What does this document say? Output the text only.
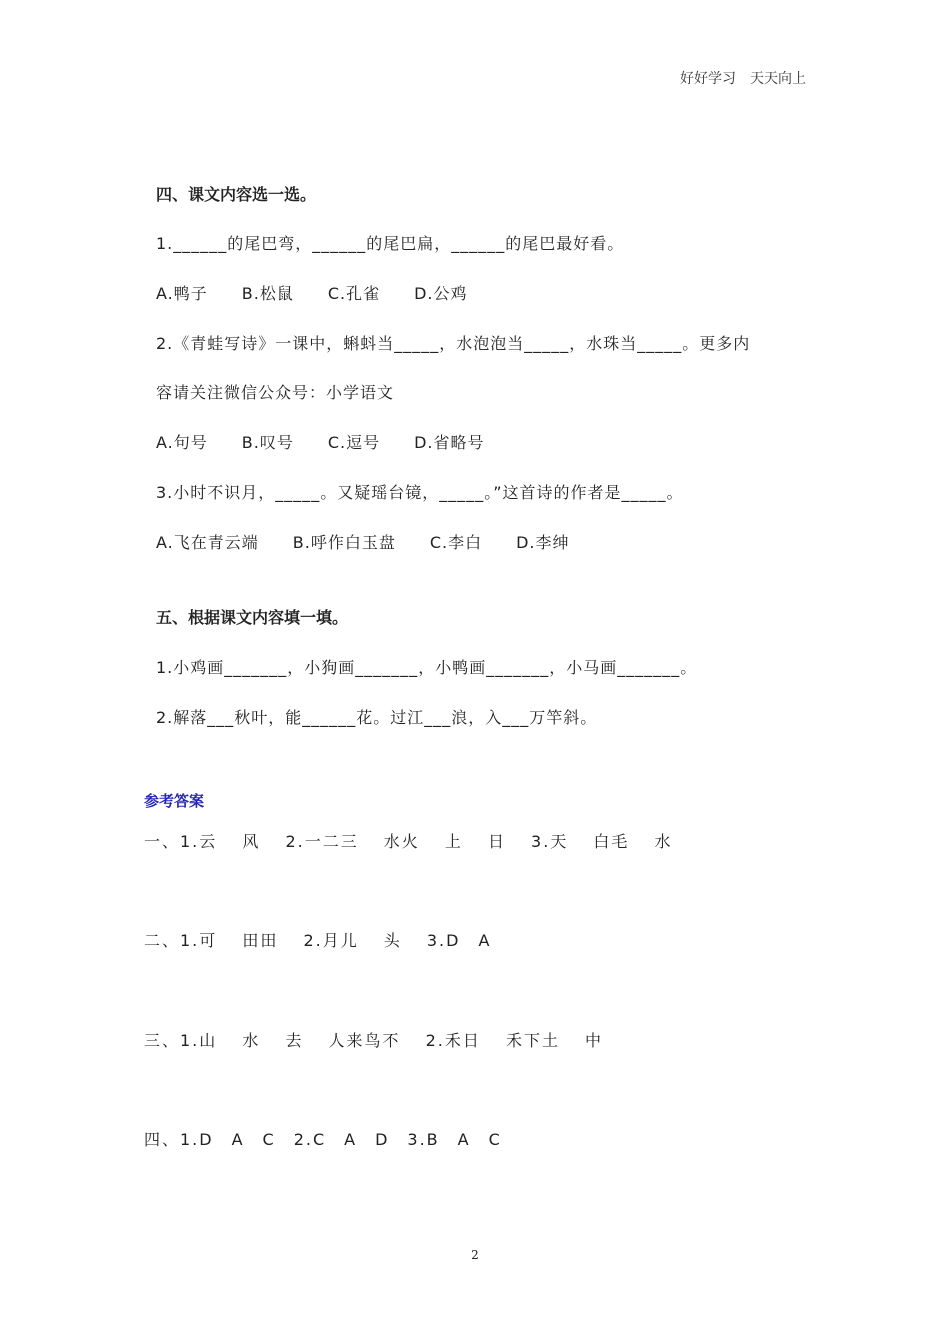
好好学习　天天向上
四、课文内容选一选。
1.______的尾巴弯，______的尾巴扁，______的尾巴最好看。
A.鸭子　　B.松鼠　　C.孔雀　　D.公鸡
2.《青蛙写诗》一课中，蝌蚪当_____，水泡泡当_____，水珠当_____。更多内
容请关注微信公众号：小学语文
A.句号　　B.叹号　　C.逗号　　D.省略号
3.小时不识月，_____。又疑瑶台镜，_____。”这首诗的作者是_____。
A.飞在青云端　　B.呼作白玉盘　　C.李白　　D.李绅
五、根据课文内容填一填。
1.小鸡画_______，小狗画_______，小鸭画_______，小马画_______。
2.解落___秋叶，能______花。过江___浪，入___万竿斜。
参考答案
一、1.云　 风　 2.一二三　 水火　 上　 日　 3.天　 白毛　 水
二、1.可　 田田　 2.月儿　 头　 3.D　A
三、1.山　 水　 去　 人来鸟不　 2.禾日　 禾下土　 中
四、1.D　A　C　2.C　A　D　3.B　A　C
2
